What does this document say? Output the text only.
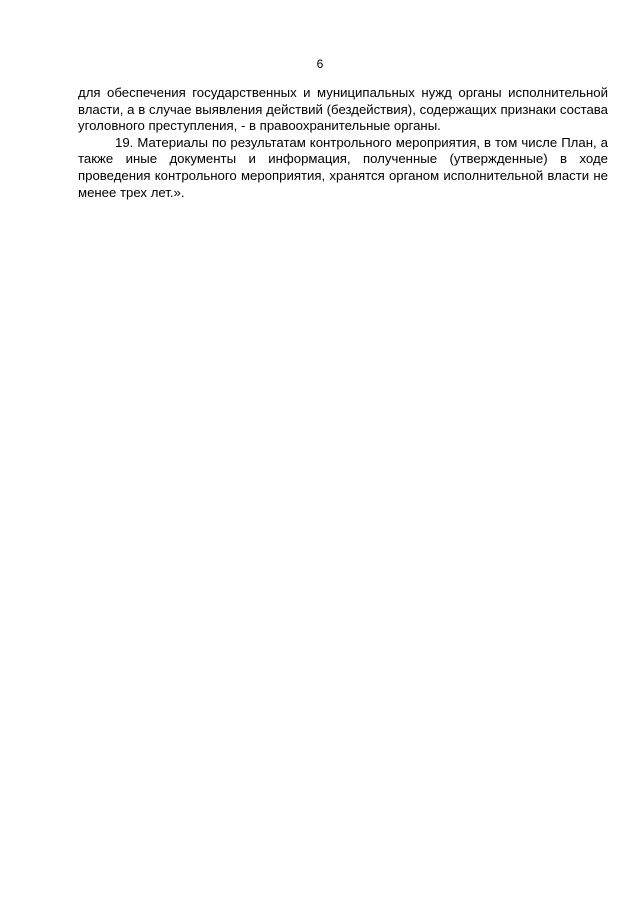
6

для обеспечения государственных и муниципальных нужд органы исполнительной власти, а в случае выявления действий (бездействия), содержащих признаки состава уголовного преступления, - в правоохранительные органы.

19. Материалы по результатам контрольного мероприятия, в том числе План, а также иные документы и информация, полученные (утвержденные) в ходе проведения контрольного мероприятия, хранятся органом исполнительной власти не менее трех лет.».
